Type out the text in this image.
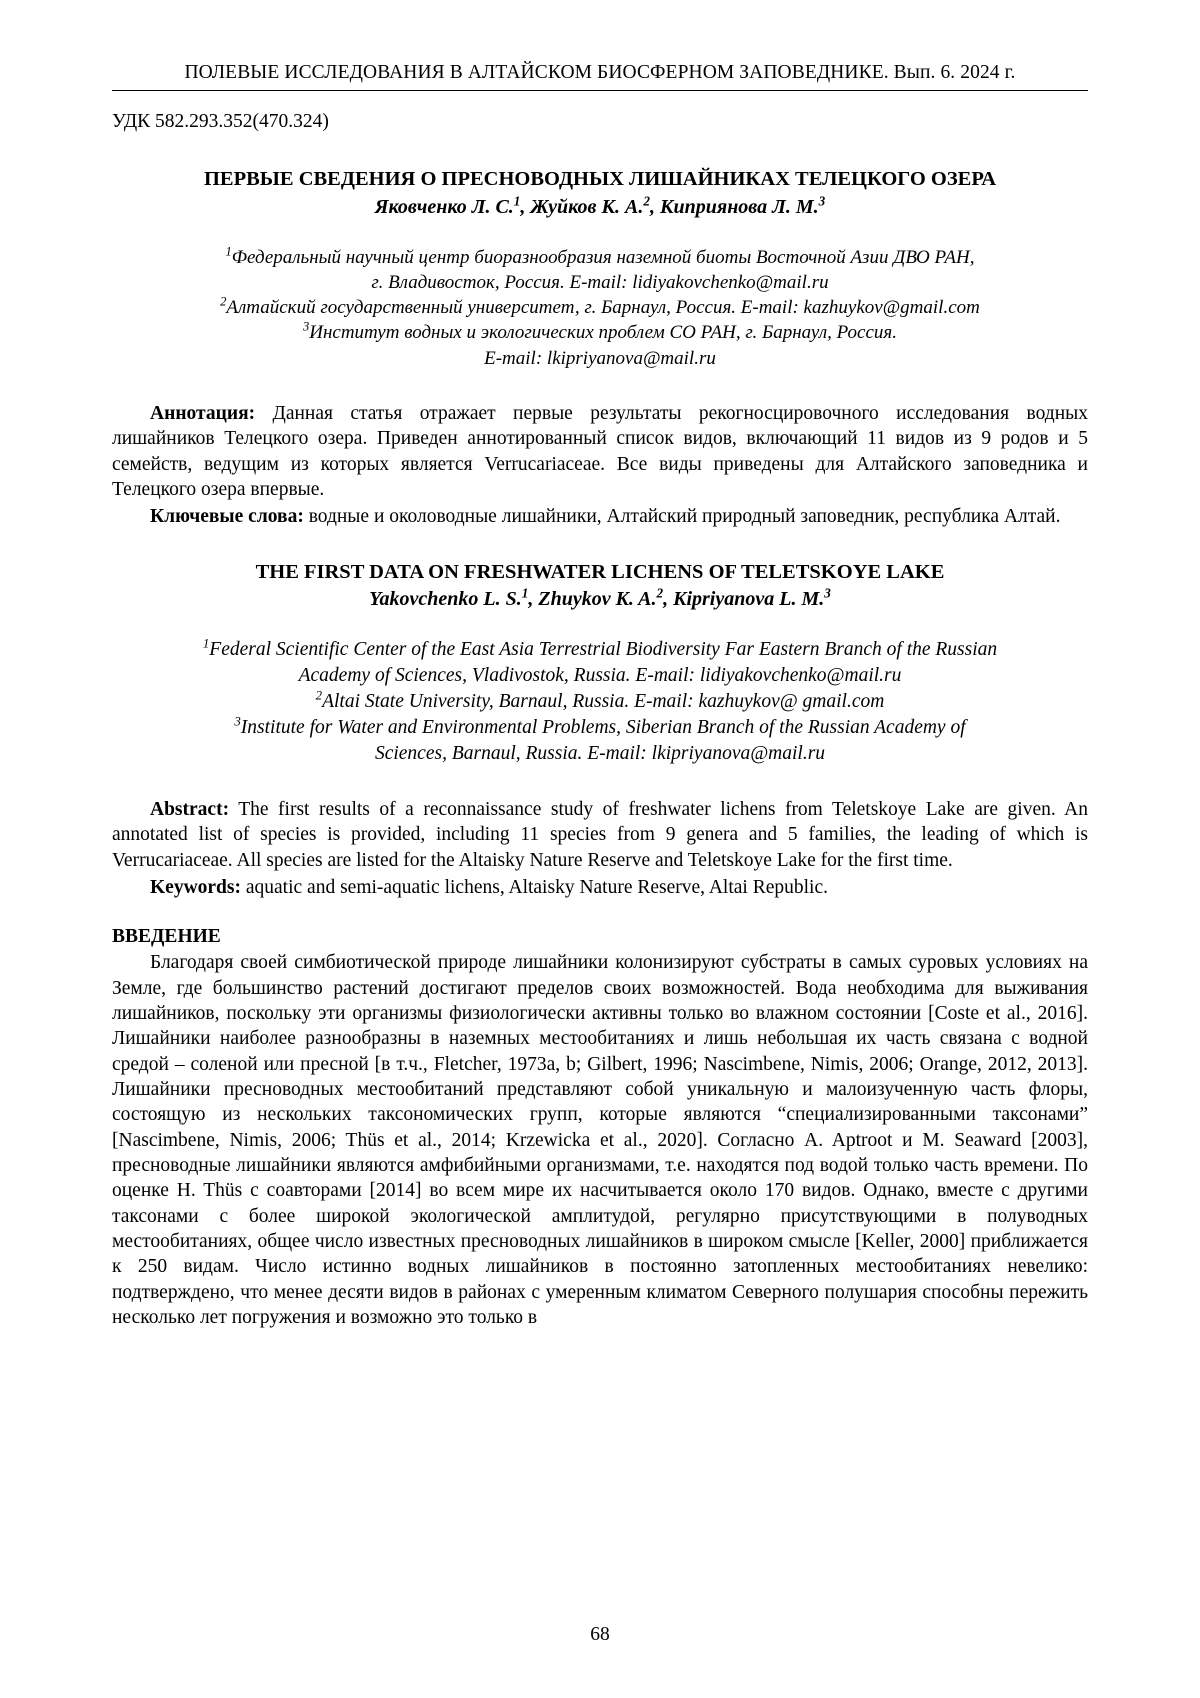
ПОЛЕВЫЕ ИССЛЕДОВАНИЯ В АЛТАЙСКОМ БИОСФЕРНОМ ЗАПОВЕДНИКЕ. Вып. 6. 2024 г.
УДК 582.293.352(470.324)
ПЕРВЫЕ СВЕДЕНИЯ О ПРЕСНОВОДНЫХ ЛИШАЙНИКАХ ТЕЛЕЦКОГО ОЗЕРА
Яковченко Л. С.$^1$, Жуйков К. А.$^2$, Киприянова Л. М.$^3$
$^1$Федеральный научный центр биоразнообразия наземной биоты Восточной Азии ДВО РАН,
г. Владивосток, Россия. E-mail: lidiyakovchenko@mail.ru
$^2$Алтайский государственный университет, г. Барнаул, Россия. E-mail: kazhuykov@gmail.com
$^3$Институт водных и экологических проблем СО РАН, г. Барнаул, Россия.
E-mail: lkipriyanova@mail.ru

Аннотация: Данная статья отражает первые результаты рекогносцировочного исследования водных лишайников Телецкого озера. Приведен аннотированный список видов, включающий 11 видов из 9 родов и 5 семейств, ведущим из которых является Verrucariaceae. Все виды приведены для Алтайского заповедника и Телецкого озера впервые.

Ключевые слова: водные и околоводные лишайники, Алтайский природный заповедник, республика Алтай.

THE FIRST DATA ON FRESHWATER LICHENS OF TELETSKOYE LAKE
Yakovchenko L. S.$^1$, Zhuykov K. A.$^2$, Kipriyanova L. M.$^3$
$^1$Federal Scientific Center of the East Asia Terrestrial Biodiversity Far Eastern Branch of the Russian
Academy of Sciences, Vladivostok, Russia. E-mail: lidiyakovchenko@mail.ru
$^2$Altai State University, Barnaul, Russia. E-mail: kazhuykov@ gmail.com
$^3$Institute for Water and Environmental Problems, Siberian Branch of the Russian Academy of
Sciences, Barnaul, Russia. E-mail: lkipriyanova@mail.ru

Abstract: The first results of a reconnaissance study of freshwater lichens from Teletskoye Lake are given. An annotated list of species is provided, including 11 species from 9 genera and 5 families, the leading of which is Verrucariaceae. All species are listed for the Altaisky Nature Reserve and Teletskoye Lake for the first time.

Keywords: aquatic and semi-aquatic lichens, Altaisky Nature Reserve, Altai Republic.

ВВЕДЕНИЕ

Благодаря своей симбиотической природе лишайники колонизируют субстраты в самых суровых условиях на Земле, где большинство растений достигают пределов своих возможностей. Вода необходима для выживания лишайников, поскольку эти организмы физиологически активны только во влажном состоянии [Coste et al., 2016]. Лишайники наиболее разнообразны в наземных местообитаниях и лишь небольшая их часть связана с водной средой – соленой или пресной [в т.ч., Fletcher, 1973a, b; Gilbert, 1996; Nascimbene, Nimis, 2006; Orange, 2012, 2013]. Лишайники пресноводных местообитаний представляют собой уникальную и малоизученную часть флоры, состоящую из нескольких таксономических групп, которые являются “специализированными таксонами” [Nascimbene, Nimis, 2006; Thüs et al., 2014; Krzewicka et al., 2020]. Согласно A. Aptroot и M. Seaward [2003], пресноводные лишайники являются амфибийными организмами, т.е. находятся под водой только часть времени. По оценке H. Thüs с соавторами [2014] во всем мире их насчитывается около 170 видов. Однако, вместе с другими таксонами с более широкой экологической амплитудой, регулярно присутствующими в полуводных местообитаниях, общее число известных пресноводных лишайников в широком смысле [Keller, 2000] приближается к 250 видам. Число истинно водных лишайников в постоянно затопленных местообитаниях невелико: подтверждено, что менее десяти видов в районах с умеренным климатом Северного полушария способны пережить несколько лет погружения и возможно это только в

68
